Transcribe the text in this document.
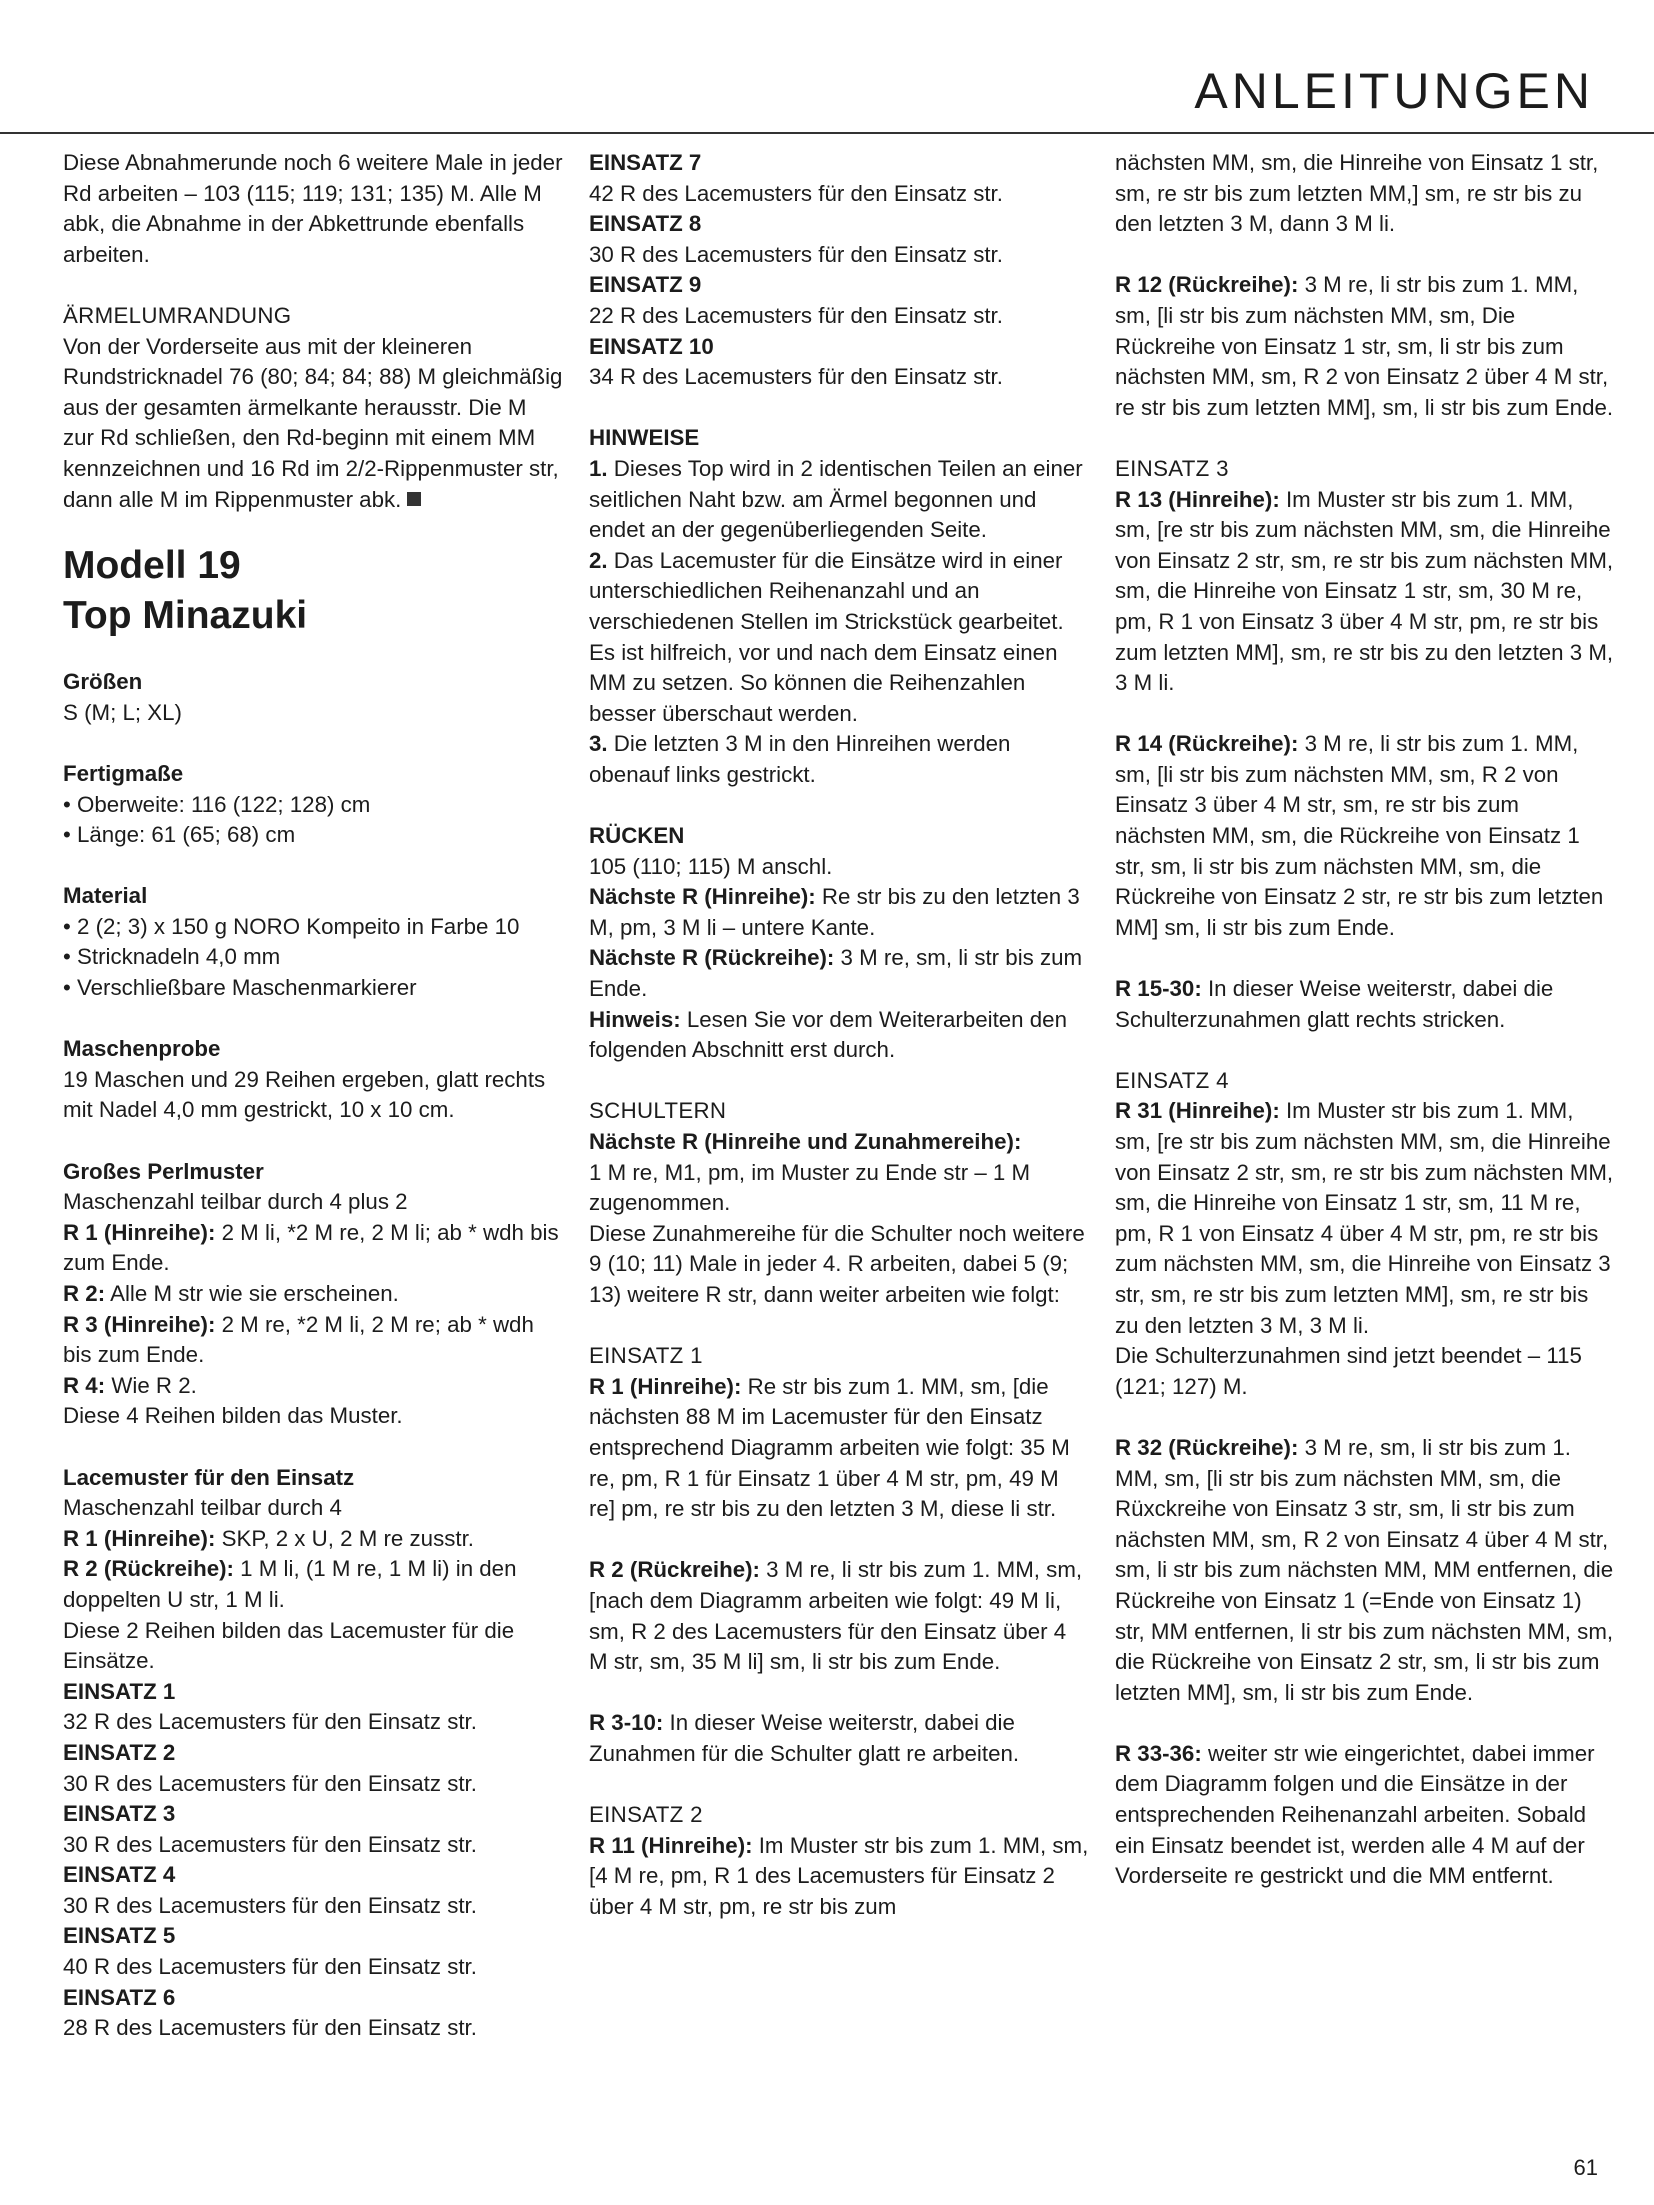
ANLEITUNGEN

Diese Abnahmerunde noch 6 weitere Male in jeder Rd arbeiten – 103 (115; 119; 131; 135) M. Alle M abk, die Abnahme in der Abkettrunde ebenfalls arbeiten.

ÄRMELUMRANDUNG

Von der Vorderseite aus mit der kleineren Rundstricknadel 76 (80; 84; 84; 88) M gleichmäßig aus der gesamten ärmelkante herausstr. Die M zur Rd schließen, den Rd-beginn mit einem MM kennzeichnen und 16 Rd im 2/2-Rippenmuster str, dann alle M im Rippenmuster abk.

Modell 19
Top Minazuki

Größen

S (M; L; XL)

Fertigmaße

• Oberweite: 116 (122; 128) cm

• Länge: 61 (65; 68) cm

Material

• 2 (2; 3) x 150 g NORO Kompeito in Farbe 10

• Stricknadeln 4,0 mm

• Verschließbare Maschenmarkierer

Maschenprobe

19 Maschen und 29 Reihen ergeben, glatt rechts mit Nadel 4,0 mm gestrickt, 10 x 10 cm.

Großes Perlmuster

Maschenzahl teilbar durch 4 plus 2

R 1 (Hinreihe): 2 M li, *2 M re, 2 M li; ab * wdh bis zum Ende.

R 2: Alle M str wie sie erscheinen.

R 3 (Hinreihe): 2 M re, *2 M li, 2 M re; ab * wdh bis zum Ende.

R 4: Wie R 2.

Diese 4 Reihen bilden das Muster.

Lacemuster für den Einsatz

Maschenzahl teilbar durch 4

R 1 (Hinreihe): SKP, 2 x U, 2 M re zusstr.

R 2 (Rückreihe): 1 M li, (1 M re, 1 M li) in den doppelten U str, 1 M li.

Diese 2 Reihen bilden das Lacemuster für die Einsätze.

EINSATZ 1

32 R des Lacemusters für den Einsatz str.

EINSATZ 2

30 R des Lacemusters für den Einsatz str.

EINSATZ 3

30 R des Lacemusters für den Einsatz str.

EINSATZ 4

30 R des Lacemusters für den Einsatz str.

EINSATZ 5

40 R des Lacemusters für den Einsatz str.

EINSATZ 6

28 R des Lacemusters für den Einsatz str.

EINSATZ 7

42 R des Lacemusters für den Einsatz str.

EINSATZ 8

30 R des Lacemusters für den Einsatz str.

EINSATZ 9

22 R des Lacemusters für den Einsatz str.

EINSATZ 10

34 R des Lacemusters für den Einsatz str.

HINWEISE

1. Dieses Top wird in 2 identischen Teilen an einer seitlichen Naht bzw. am Ärmel begonnen und endet an der gegenüberliegenden Seite.

2. Das Lacemuster für die Einsätze wird in einer unterschiedlichen Reihenanzahl und an verschiedenen Stellen im Strickstück gearbeitet. Es ist hilfreich, vor und nach dem Einsatz einen MM zu setzen. So können die Reihenzahlen besser überschaut werden.

3. Die letzten 3 M in den Hinreihen werden obenauf links gestrickt.

RÜCKEN

105 (110; 115) M anschl.

Nächste R (Hinreihe): Re str bis zu den letzten 3 M, pm, 3 M li – untere Kante.

Nächste R (Rückreihe): 3 M re, sm, li str bis zum Ende.

Hinweis: Lesen Sie vor dem Weiterarbeiten den folgenden Abschnitt erst durch.

SCHULTERN

Nächste R (Hinreihe und Zunahmereihe):

1 M re, M1, pm, im Muster zu Ende str – 1 M zugenommen.

Diese Zunahmereihe für die Schulter noch weitere 9 (10; 11) Male in jeder 4. R arbeiten, dabei 5 (9; 13) weitere R str, dann weiter arbeiten wie folgt:

EINSATZ 1

R 1 (Hinreihe): Re str bis zum 1. MM, sm, [die nächsten 88 M im Lacemuster für den Einsatz entsprechend Diagramm arbeiten wie folgt: 35 M re, pm, R 1 für Einsatz 1 über 4 M str, pm, 49 M re] pm, re str bis zu den letzten 3 M, diese li str.

R 2 (Rückreihe): 3 M re, li str bis zum 1. MM, sm, [nach dem Diagramm arbeiten wie folgt: 49 M li, sm, R 2 des Lacemusters für den Einsatz über 4 M str, sm, 35 M li] sm, li str bis zum Ende.

R 3-10: In dieser Weise weiterstr, dabei die Zunahmen für die Schulter glatt re arbeiten.

EINSATZ 2

R 11 (Hinreihe): Im Muster str bis zum 1. MM, sm, [4 M re, pm, R 1 des Lacemusters für Einsatz 2 über 4 M str, pm, re str bis zum

nächsten MM, sm, die Hinreihe von Einsatz 1 str, sm, re str bis zum letzten MM,] sm, re str bis zu den letzten 3 M, dann 3 M li.

R 12 (Rückreihe): 3 M re, li str bis zum 1. MM, sm, [li str bis zum nächsten MM, sm, Die Rückreihe von Einsatz 1 str, sm, li str bis zum nächsten MM, sm, R 2 von Einsatz 2 über 4 M str, re str bis zum letzten MM], sm, li str bis zum Ende.

EINSATZ 3

R 13 (Hinreihe): Im Muster str bis zum 1. MM, sm, [re str bis zum nächsten MM, sm, die Hinreihe von Einsatz 2 str, sm, re str bis zum nächsten MM, sm, die Hinreihe von Einsatz 1 str, sm, 30 M re, pm, R 1 von Einsatz 3 über 4 M str, pm, re str bis zum letzten MM], sm, re str bis zu den letzten 3 M, 3 M li.

R 14 (Rückreihe): 3 M re, li str bis zum 1. MM, sm, [li str bis zum nächsten MM, sm, R 2 von Einsatz 3 über 4 M str, sm, re str bis zum nächsten MM, sm, die Rückreihe von Einsatz 1 str, sm, li str bis zum nächsten MM, sm, die Rückreihe von Einsatz 2 str, re str bis zum letzten MM] sm, li str bis zum Ende.

R 15-30: In dieser Weise weiterstr, dabei die Schulterzunahmen glatt rechts stricken.

EINSATZ 4

R 31 (Hinreihe): Im Muster str bis zum 1. MM, sm, [re str bis zum nächsten MM, sm, die Hinreihe von Einsatz 2 str, sm, re str bis zum nächsten MM, sm, die Hinreihe von Einsatz 1 str, sm, 11 M re, pm, R 1 von Einsatz 4 über 4 M str, pm, re str bis zum nächsten MM, sm, die Hinreihe von Einsatz 3 str, sm, re str bis zum letzten MM], sm, re str bis zu den letzten 3 M, 3 M li.

Die Schulterzunahmen sind jetzt beendet – 115 (121; 127) M.

R 32 (Rückreihe): 3 M re, sm, li str bis zum 1. MM, sm, [li str bis zum nächsten MM, sm, die Rüxckreihe von Einsatz 3 str, sm, li str bis zum nächsten MM, sm, R 2 von Einsatz 4 über 4 M str, sm, li str bis zum nächsten MM, MM entfernen, die Rückreihe von Einsatz 1 (=Ende von Einsatz 1) str, MM entfernen, li str bis zum nächsten MM, sm, die Rückreihe von Einsatz 2 str, sm, li str bis zum letzten MM], sm, li str bis zum Ende.

R 33-36: weiter str wie eingerichtet, dabei immer dem Diagramm folgen und die Einsätze in der entsprechenden Reihenanzahl arbeiten. Sobald ein Einsatz beendet ist, werden alle 4 M auf der Vorderseite re gestrickt und die MM entfernt.

61
